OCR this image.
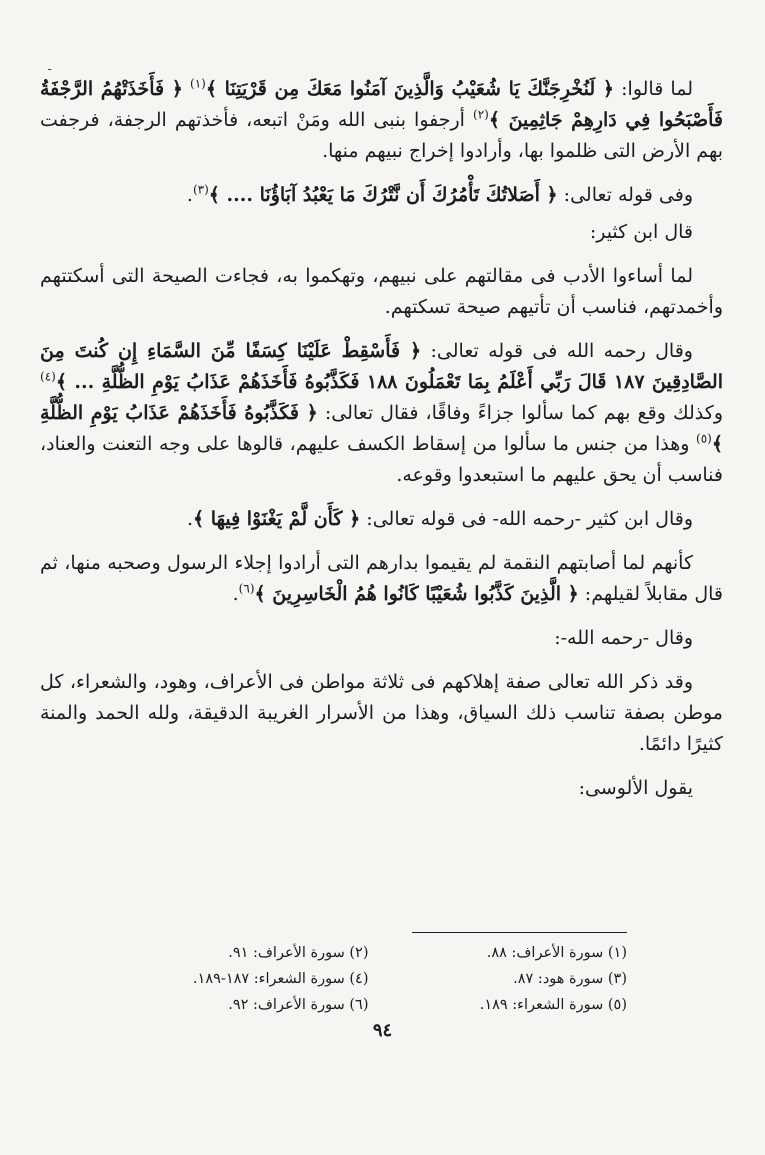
ـ

لما قالوا: ﴿ لَنُخْرِجَنَّكَ يَا شُعَيْبُ وَالَّذِينَ آمَنُوا مَعَكَ مِن قَرْيَتِنَا ﴾$^{(١)}$ ﴿ فَأَخَذَتْهُمُ الرَّجْفَةُ فَأَصْبَحُوا فِي دَارِهِمْ جَاثِمِينَ ﴾$^{(٢)}$ أرجفوا بنبى الله ومَنْ اتبعه، فأخذتهم الرجفة، فرجفت بهم الأرض التى ظلموا بها، وأرادوا إخراج نبيهم منها.

وفى قوله تعالى: ﴿ أَصَلاتُكَ تَأْمُرُكَ أَن نَّتْرُكَ مَا يَعْبُدُ آبَاؤُنَا .... ﴾$^{(٣)}$.

قال ابن كثير:

لما أساءوا الأدب فى مقالتهم على نبيهم، وتهكموا به، فجاءت الصيحة التى أسكتتهم وأخمدتهم، فناسب أن تأتيهم صيحة تسكتهم.

وقال رحمه الله فى قوله تعالى: ﴿ فَأَسْقِطْ عَلَيْنَا كِسَفًا مِّنَ السَّمَاءِ إِن كُنتَ مِنَ الصَّادِقِينَ ١٨٧ قَالَ رَبِّي أَعْلَمُ بِمَا تَعْمَلُونَ ١٨٨ فَكَذَّبُوهُ فَأَخَذَهُمْ عَذَابُ يَوْمِ الظُّلَّةِ ... ﴾$^{(٤)}$ وكذلك وقع بهم كما سألوا جزاءً وفاقًا، فقال تعالى: ﴿ فَكَذَّبُوهُ فَأَخَذَهُمْ عَذَابُ يَوْمِ الظُّلَّةِ ﴾$^{(٥)}$ وهذا من جنس ما سألوا من إسقاط الكسف عليهم، قالوها على وجه التعنت والعناد، فناسب أن يحق عليهم ما استبعدوا وقوعه.

وقال ابن كثير -رحمه الله- فى قوله تعالى: ﴿ كَأَن لَّمْ يَغْنَوْا فِيهَا ﴾.

كأنهم لما أصابتهم النقمة لم يقيموا بدارهم التى أرادوا إجلاء الرسول وصحبه منها، ثم قال مقابلاً لقيلهم: ﴿ الَّذِينَ كَذَّبُوا شُعَيْبًا كَانُوا هُمُ الْخَاسِرِينَ ﴾$^{(٦)}$.

وقال -رحمه الله-:

وقد ذكر الله تعالى صفة إهلاكهم فى ثلاثة مواطن فى الأعراف، وهود، والشعراء، كل موطن بصفة تناسب ذلك السياق، وهذا من الأسرار الغريبة الدقيقة، ولله الحمد والمنة كثيرًا دائمًا.

يقول الألوسى:

(١) سورة الأعراف: ٨٨.
(٢) سورة الأعراف: ٩١.
(٣) سورة هود: ٨٧.
(٤) سورة الشعراء: ١٨٧-١٨٩.
(٥) سورة الشعراء: ١٨٩.
(٦) سورة الأعراف: ٩٢.
٩٤
